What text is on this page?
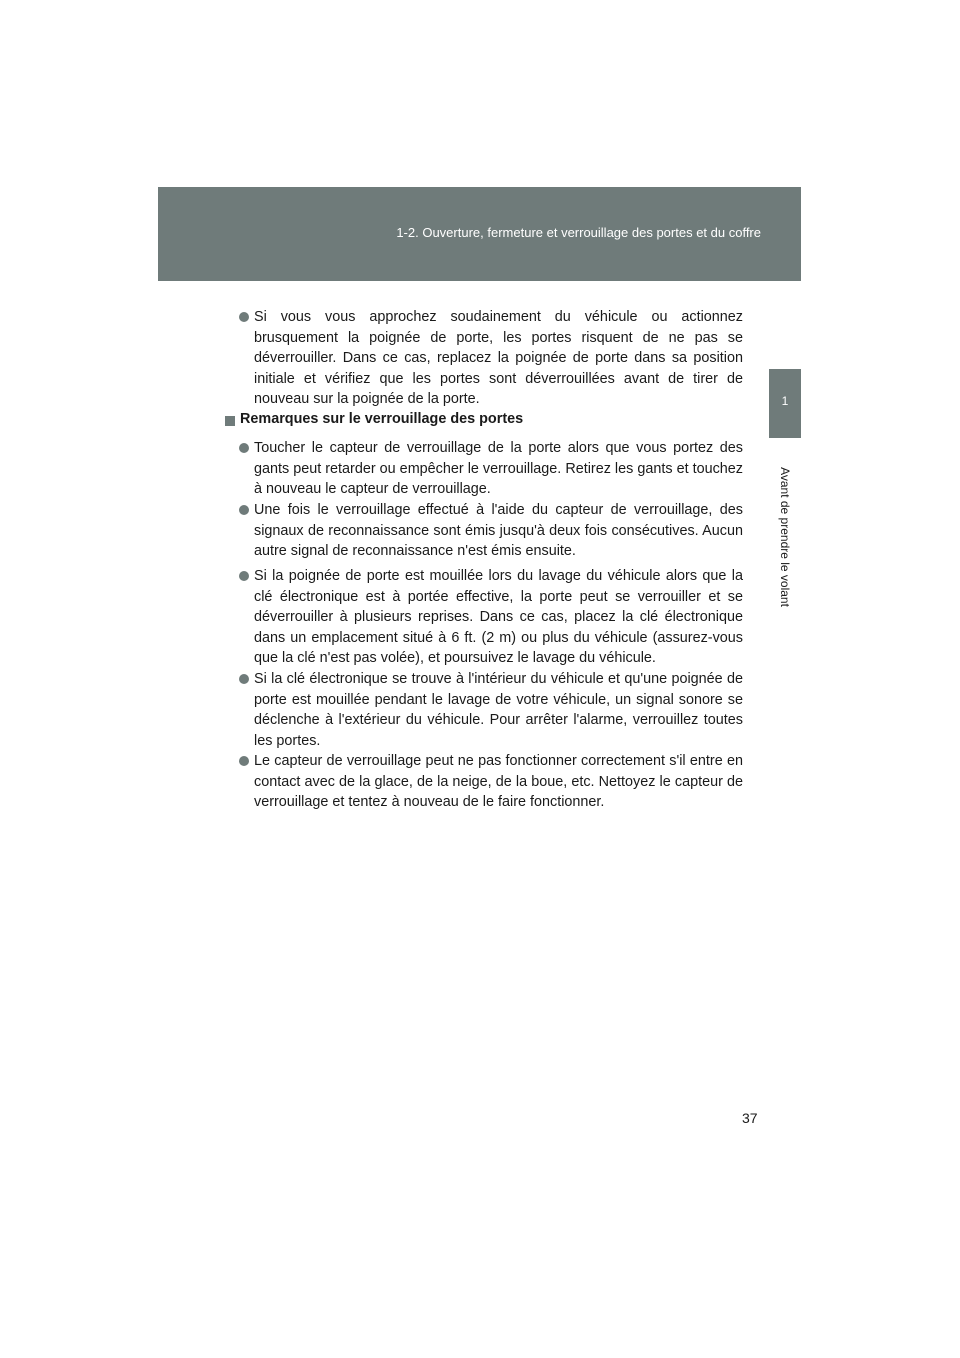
1-2. Ouverture, fermeture et verrouillage des portes et du coffre
1
Avant de prendre le volant
Si vous vous approchez soudainement du véhicule ou actionnez brusquement la poignée de porte, les portes risquent de ne pas se déverrouiller. Dans ce cas, replacez la poignée de porte dans sa position initiale et vérifiez que les portes sont déverrouillées avant de tirer de nouveau sur la poignée de la porte.
Remarques sur le verrouillage des portes
Toucher le capteur de verrouillage de la porte alors que vous portez des gants peut retarder ou empêcher le verrouillage. Retirez les gants et touchez à nouveau le capteur de verrouillage.
Une fois le verrouillage effectué à l'aide du capteur de verrouillage, des signaux de reconnaissance sont émis jusqu'à deux fois consécutives. Aucun autre signal de reconnaissance n'est émis ensuite.
Si la poignée de porte est mouillée lors du lavage du véhicule alors que la clé électronique est à portée effective, la porte peut se verrouiller et se déverrouiller à plusieurs reprises. Dans ce cas, placez la clé électronique dans un emplacement situé à 6 ft. (2 m) ou plus du véhicule (assurez-vous que la clé n'est pas volée), et poursuivez le lavage du véhicule.
Si la clé électronique se trouve à l'intérieur du véhicule et qu'une poignée de porte est mouillée pendant le lavage de votre véhicule, un signal sonore se déclenche à l'extérieur du véhicule. Pour arrêter l'alarme, verrouillez toutes les portes.
Le capteur de verrouillage peut ne pas fonctionner correctement s'il entre en contact avec de la glace, de la neige, de la boue, etc. Nettoyez le capteur de verrouillage et tentez à nouveau de le faire fonctionner.
37
